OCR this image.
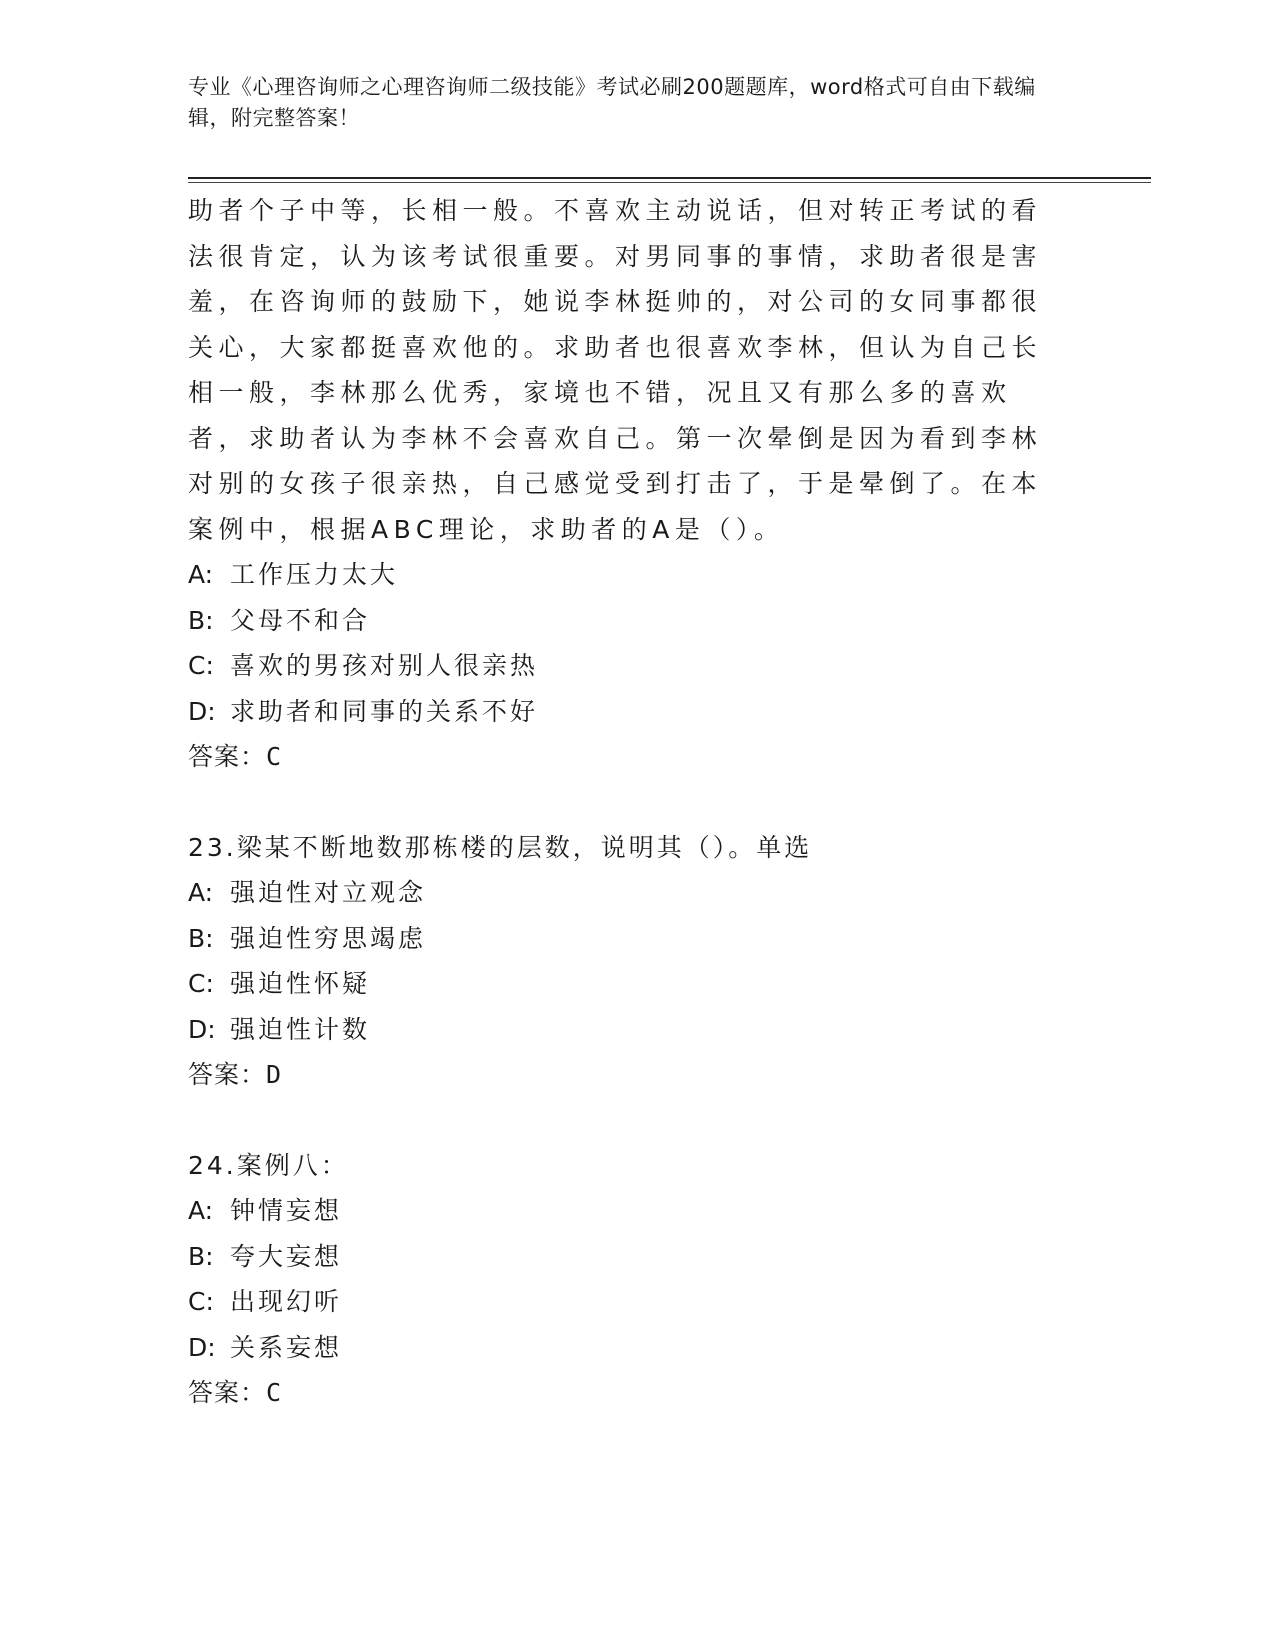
专业《心理咨询师之心理咨询师二级技能》考试必刷200题题库，word格式可自由下载编辑，附完整答案！

助者个子中等，长相一般。不喜欢主动说话，但对转正考试的看法很肯定，认为该考试很重要。对男同事的事情，求助者很是害羞，在咨询师的鼓励下，她说李林挺帅的，对公司的女同事都很关心，大家都挺喜欢他的。求助者也很喜欢李林，但认为自己长相一般，李林那么优秀，家境也不错，况且又有那么多的喜欢者，求助者认为李林不会喜欢自己。第一次晕倒是因为看到李林对别的女孩子很亲热，自己感觉受到打击了，于是晕倒了。在本案例中，根据ABC理论，求助者的A是（）。

A: 工作压力太大

B: 父母不和合

C: 喜欢的男孩对别人很亲热

D: 求助者和同事的关系不好

答案：C

23.梁某不断地数那栋楼的层数，说明其（）。单选

A: 强迫性对立观念

B: 强迫性穷思竭虑

C: 强迫性怀疑

D: 强迫性计数

答案：D

24.案例八：

A: 钟情妄想

B: 夸大妄想

C: 出现幻听

D: 关系妄想

答案：C
